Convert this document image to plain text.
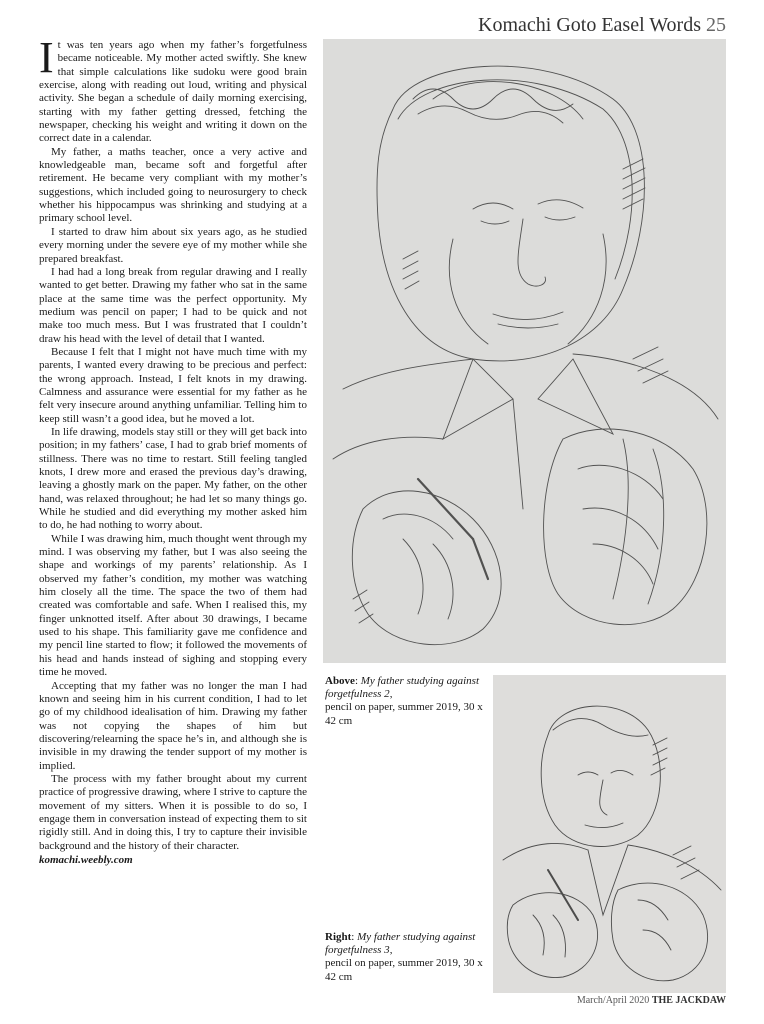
Komachi Goto Easel Words 25

It was ten years ago when my father’s forgetfulness became noticeable. My mother acted swiftly. She knew that simple calculations like sudoku were good brain exercise, along with reading out loud, writing and physical activity. She began a schedule of daily morning exercising, starting with my father getting dressed, fetching the newspaper, checking his weight and writing it down on the correct date in a calendar.

My father, a maths teacher, once a very active and knowledgeable man, became soft and forgetful after retirement. He became very compliant with my mother’s suggestions, which included going to neurosurgery to check whether his hippocampus was shrinking and studying at a primary school level.

I started to draw him about six years ago, as he studied every morning under the severe eye of my mother while she prepared breakfast.

I had had a long break from regular drawing and I really wanted to get better. Drawing my father who sat in the same place at the same time was the perfect opportunity. My medium was pencil on paper; I had to be quick and not make too much mess. But I was frustrated that I couldn’t draw his head with the level of detail that I wanted.

Because I felt that I might not have much time with my parents, I wanted every drawing to be precious and perfect: the wrong approach. Instead, I felt knots in my drawing. Calmness and assurance were essential for my father as he felt very insecure around anything unfamiliar. Telling him to keep still wasn’t a good idea, but he moved a lot.

In life drawing, models stay still or they will get back into position; in my fathers’ case, I had to grab brief moments of stillness. There was no time to restart. Still feeling tangled knots, I drew more and erased the previous day’s drawing, leaving a ghostly mark on the paper. My father, on the other hand, was relaxed throughout; he had let so many things go. While he studied and did everything my mother asked him to do, he had nothing to worry about.

While I was drawing him, much thought went through my mind. I was observing my father, but I was also seeing the shape and workings of my parents’ relationship. As I observed my father’s condition, my mother was watching him closely all the time. The space the two of them had created was comfortable and safe. When I realised this, my finger unknotted itself. After about 30 drawings, I became used to his shape. This familiarity gave me confidence and my pencil line started to flow; it followed the movements of his head and hands instead of sighing and stopping every time he moved.

Accepting that my father was no longer the man I had known and seeing him in his current condition, I had to let go of my childhood idealisation of him. Drawing my father was not copying the shapes of him but discovering/relearning the space he’s in, and although she is invisible in my drawing the tender support of my mother is implied.

The process with my father brought about my current practice of progressive drawing, where I strive to capture the movement of my sitters. When it is possible to do so, I engage them in conversation instead of expecting them to sit rigidly still. And in doing this, I try to capture their invisible background and the history of their character.

komachi.weebly.com
Above: My father studying against forgetfulness 2,
pencil on paper, summer 2019, 30 x 42 cm
Right: My father studying against forgetfulness 3,
pencil on paper, summer 2019, 30 x 42 cm
March/April 2020 THE JACKDAW
